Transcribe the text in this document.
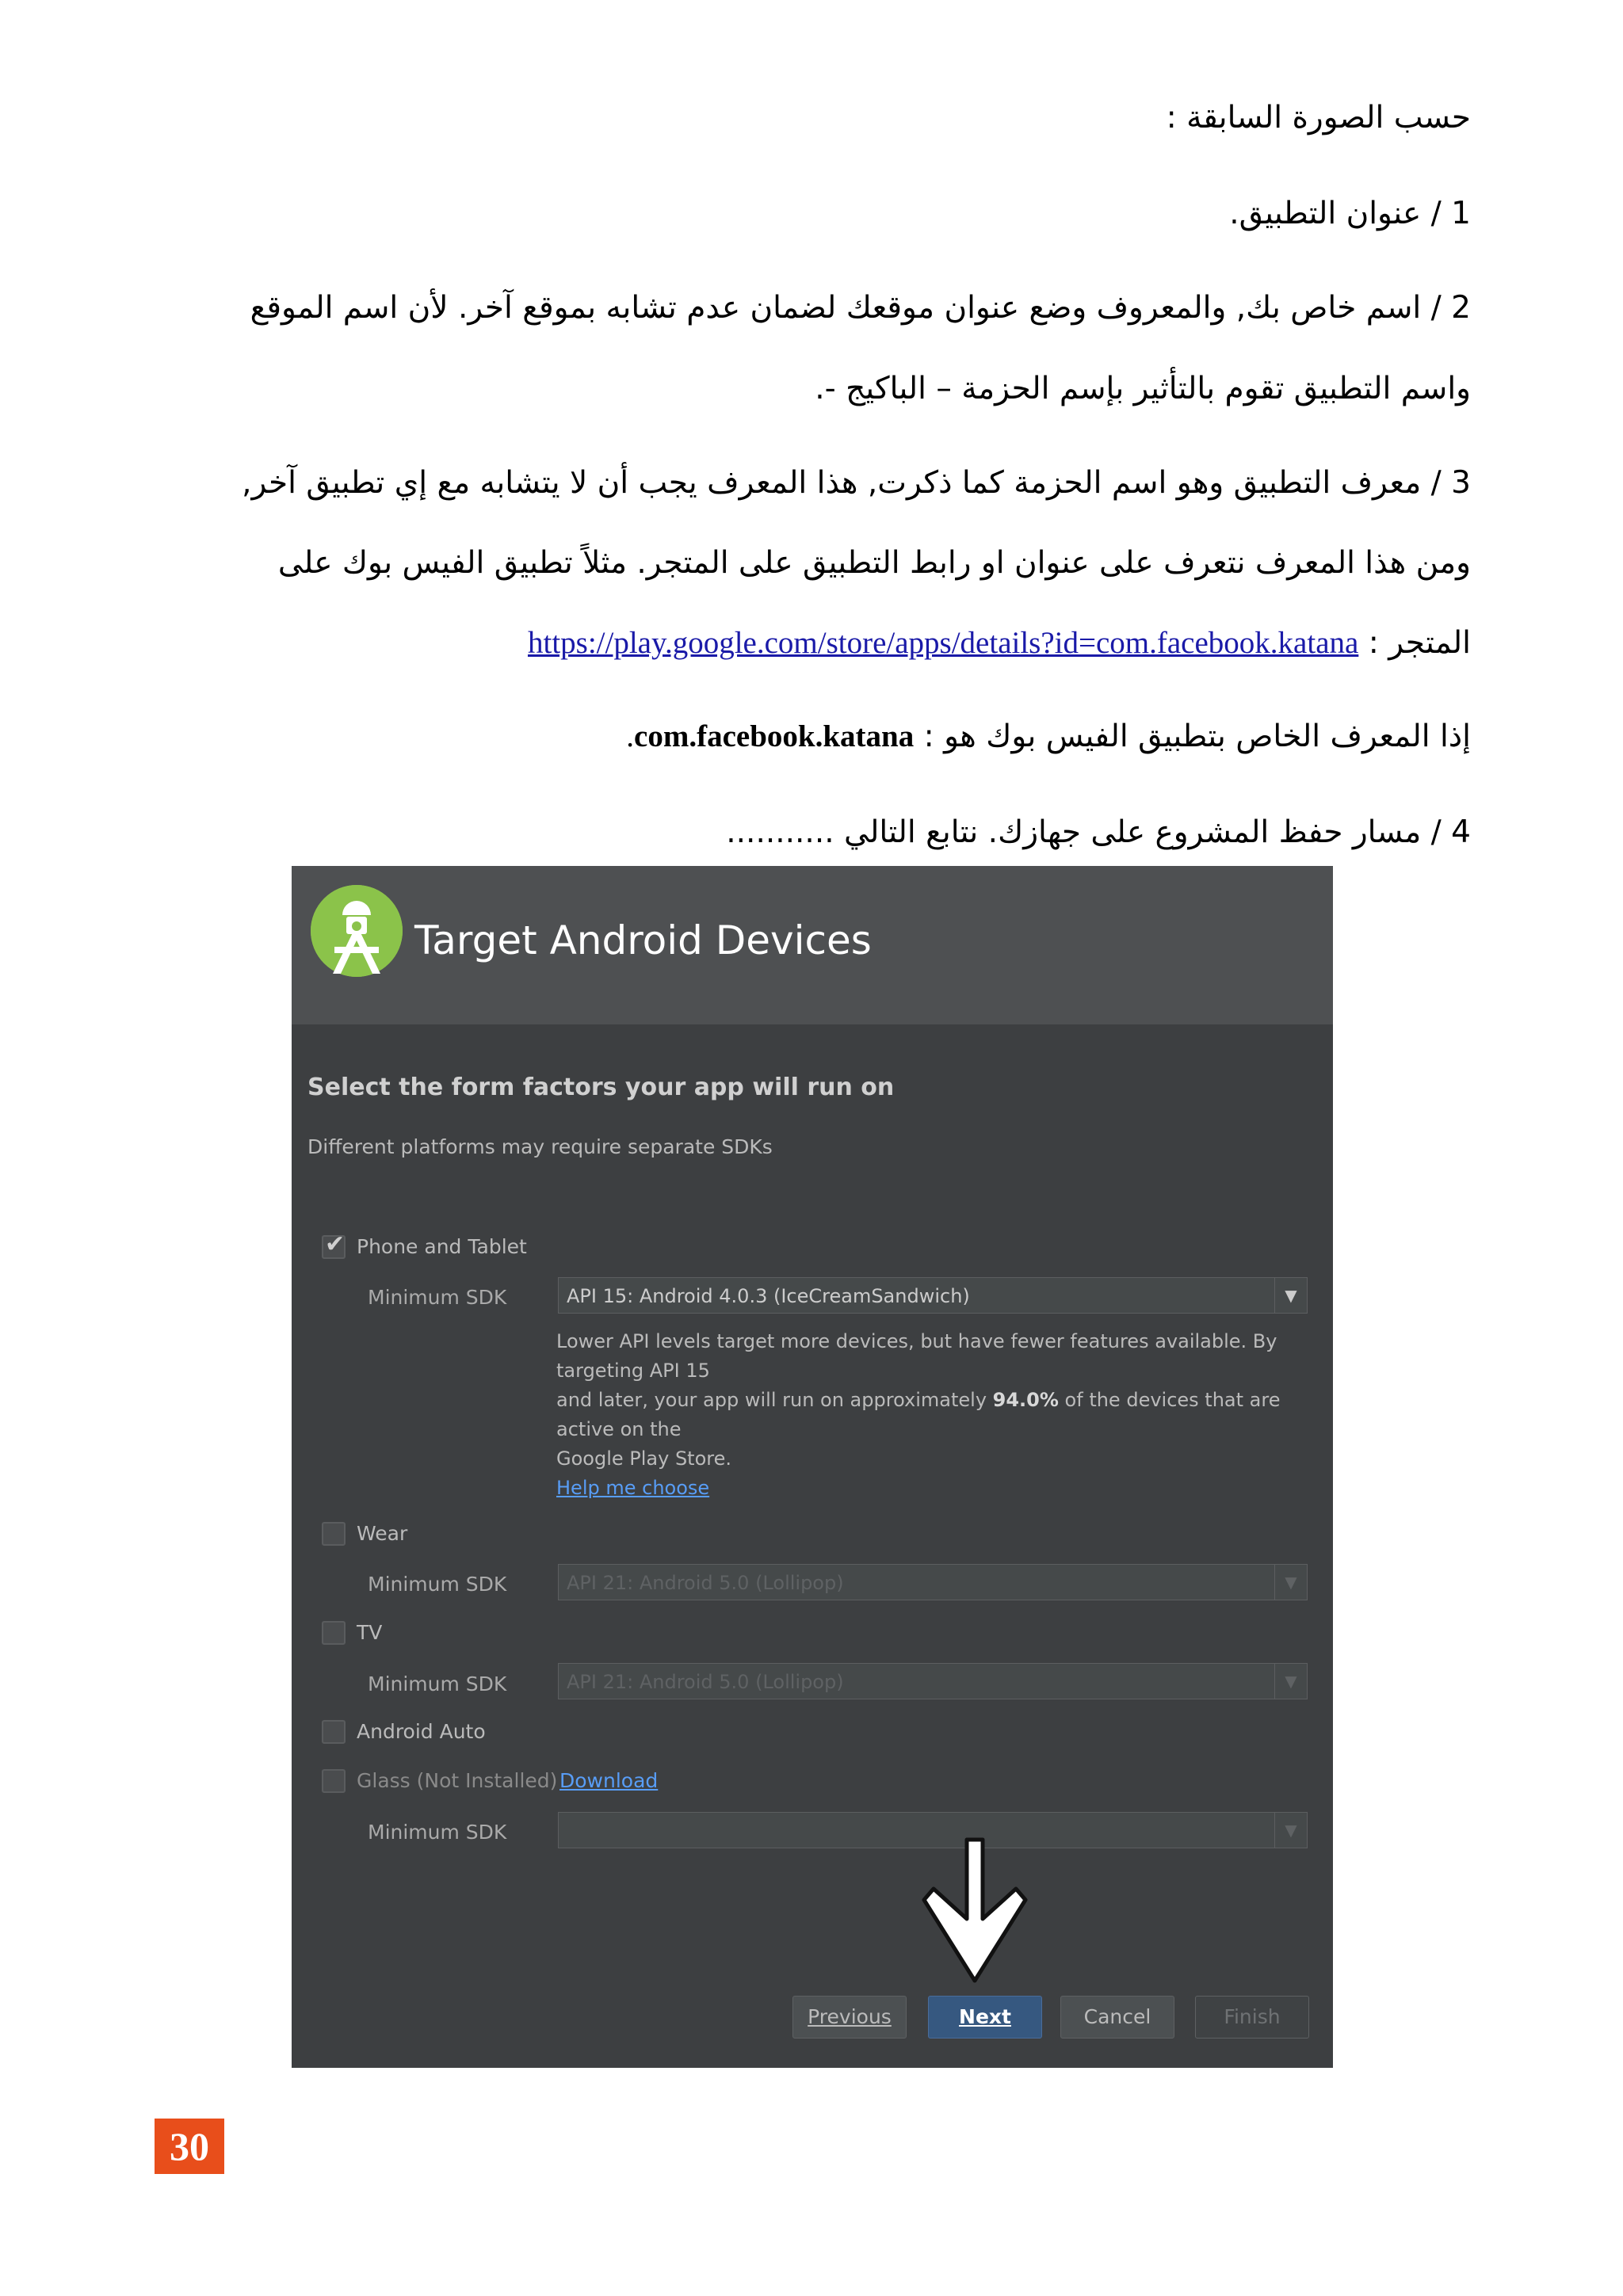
حسب الصورة السابقة :
1 / عنوان التطبيق.
2 / اسم خاص بك, والمعروف وضع عنوان موقعك لضمان عدم تشابه بموقع آخر. لأن اسم الموقع
واسم التطبيق تقوم بالتأثير بإسم الحزمة – الباكيج -.
3 / معرف التطبيق وهو اسم الحزمة كما ذكرت, هذا المعرف يجب أن لا يتشابه مع إي تطبيق آخر,
ومن هذا المعرف نتعرف على عنوان او رابط التطبيق على المتجر. مثلاً تطبيق الفيس بوك على
المتجر : https://play.google.com/store/apps/details?id=com.facebook.katana
إذا المعرف الخاص بتطبيق الفيس بوك هو : com.facebook.katana.
4 / مسار حفظ المشروع على جهازك. نتابع التالي ...........
Target Android Devices
Select the form factors your app will run on
Different platforms may require separate SDKs
✔
Phone and Tablet
Minimum SDK	API 15: Android 4.0.3 (IceCreamSandwich)	▼
Lower API levels target more devices, but have fewer features available. By targeting API 15
and later, your app will run on approximately 94.0% of the devices that are active on the
Google Play Store.
Help me choose
Wear
Minimum SDK	API 21: Android 5.0 (Lollipop)	▼
TV
Minimum SDK	API 21: Android 5.0 (Lollipop)	▼
Android Auto
Glass (Not Installed) Download
Minimum SDK	▼
Previous	Next	Cancel	Finish
30
